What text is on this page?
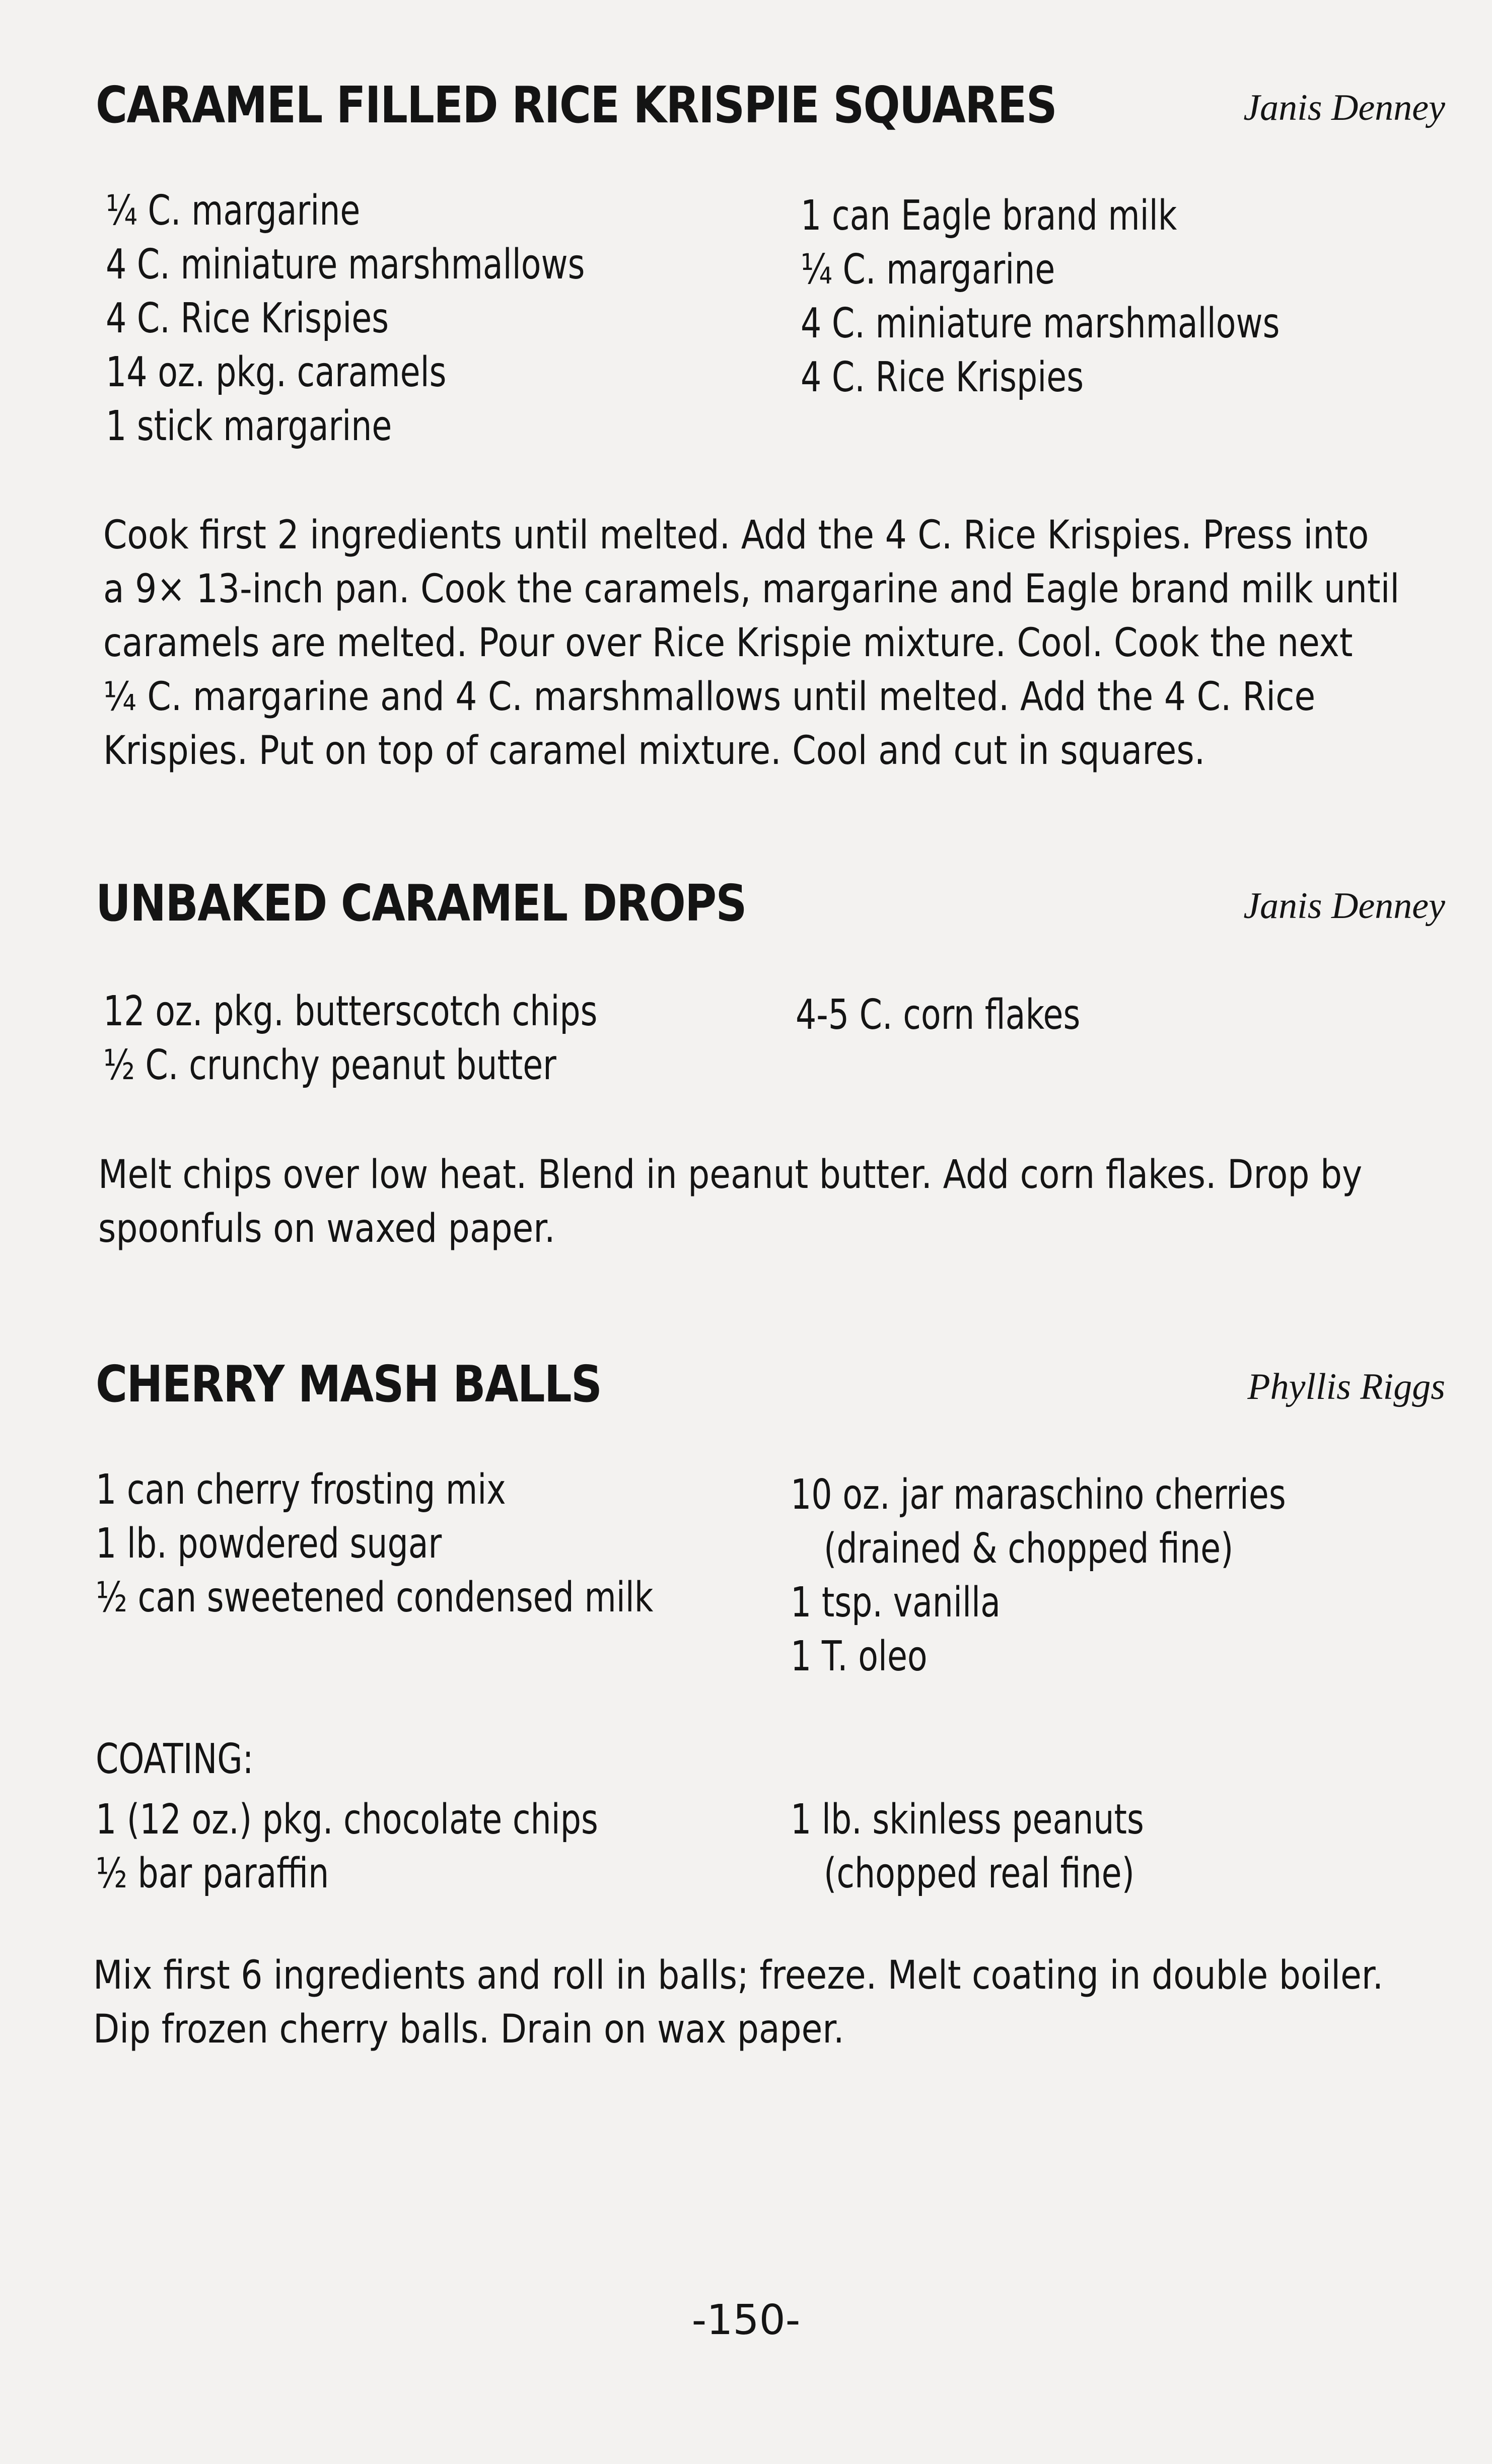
CARAMEL FILLED RICE KRISPIE SQUARES	Janis Denney
¼ C. margarine
4 C. miniature marshmallows
4 C. Rice Krispies
14 oz. pkg. caramels
1 stick margarine
1 can Eagle brand milk
¼ C. margarine
4 C. miniature marshmallows
4 C. Rice Krispies
Cook first 2 ingredients until melted. Add the 4 C. Rice Krispies. Press into
a 9× 13-inch pan. Cook the caramels, margarine and Eagle brand milk until
caramels are melted. Pour over Rice Krispie mixture. Cool. Cook the next
¼ C. margarine and 4 C. marshmallows until melted. Add the 4 C. Rice
Krispies. Put on top of caramel mixture. Cool and cut in squares.
UNBAKED CARAMEL DROPS	Janis Denney
12 oz. pkg. butterscotch chips
½ C. crunchy peanut butter
4-5 C. corn flakes
Melt chips over low heat. Blend in peanut butter. Add corn flakes. Drop by
spoonfuls on waxed paper.
CHERRY MASH BALLS	Phyllis Riggs
1 can cherry frosting mix
1 lb. powdered sugar
½ can sweetened condensed milk
10 oz. jar maraschino cherries
(drained & chopped fine)
1 tsp. vanilla
1 T. oleo
COATING:
1 (12 oz.) pkg. chocolate chips
½ bar paraffin
1 lb. skinless peanuts
(chopped real fine)
Mix first 6 ingredients and roll in balls; freeze. Melt coating in double boiler.
Dip frozen cherry balls. Drain on wax paper.
-150-
